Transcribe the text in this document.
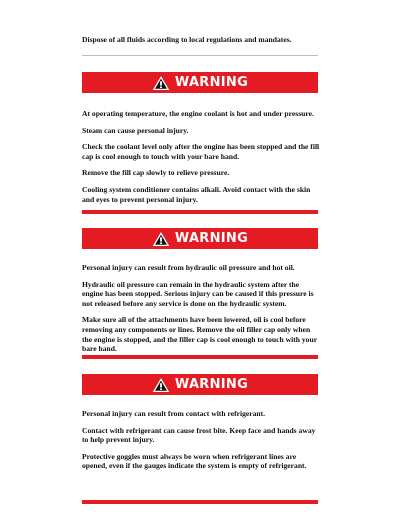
Dispose of all fluids according to local regulations and mandates.

WARNING

At operating temperature, the engine coolant is hot and under pressure.

Steam can cause personal injury.

Check the coolant level only after the engine has been stopped and the fill cap is cool enough to touch with your bare hand.

Remove the fill cap slowly to relieve pressure.

Cooling system conditioner contains alkali. Avoid contact with the skin and eyes to prevent personal injury.

WARNING

Personal injury can result from hydraulic oil pressure and hot oil.

Hydraulic oil pressure can remain in the hydraulic system after the engine has been stopped. Serious injury can be caused if this pressure is not released before any service is done on the hydraulic system.

Make sure all of the attachments have been lowered, oil is cool before removing any components or lines. Remove the oil filler cap only when the engine is stopped, and the filler cap is cool enough to touch with your bare hand.

WARNING

Personal injury can result from contact with refrigerant.

Contact with refrigerant can cause frost bite. Keep face and hands away to help prevent injury.

Protective goggles must always be worn when refrigerant lines are opened, even if the gauges indicate the system is empty of refrigerant.
